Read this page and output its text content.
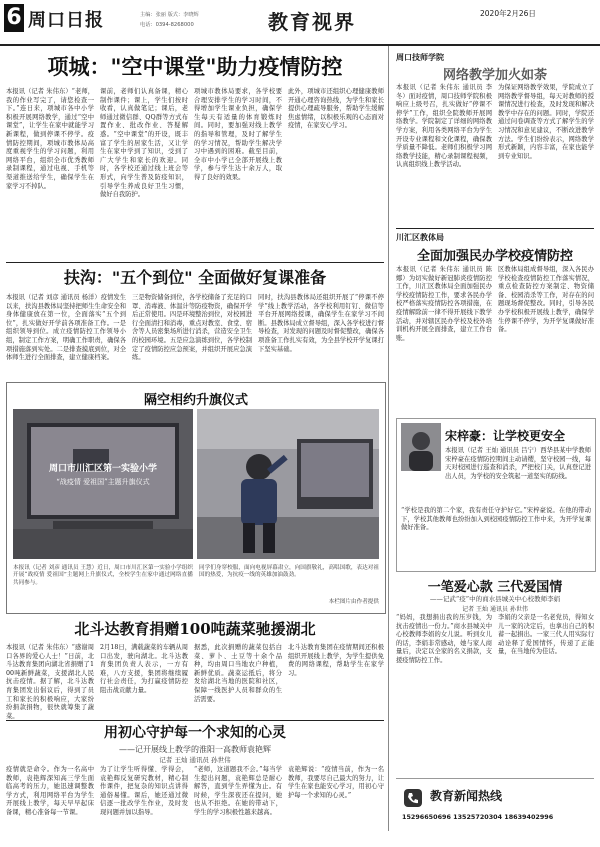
6 周口日报	主编：张丽 版式：李晓辉
电话：0394-8268000	教育视界	2020年2月26日
项城："空中课堂"助力疫情防控
本报讯（记者 朱伟东）“老师，我的作业写完了，请您检查一下。”连日来，项城市各中小学积极开展网络教学，通过“空中课堂”，让学生在家中就能学习新课程，做到停课不停学。疫情防控期间，项城市教体局高度重视学生的学习问题，利用网络平台，组织全市优秀教师录制课程，通过电视、手机等渠道推送给学生，确保学生在家学习不掉队。
课前，老师们认真备课，精心制作课件；课上，学生们按时收看，认真做笔记；课后，老师通过微信群、QQ群等方式布置作业、批改作业、答疑解惑。“空中课堂”的开设，既丰富了学生的居家生活，又让学生在家中学到了知识，受到了广大学生和家长的欢迎。同时，各学校还通过线上班会等形式，向学生普及防疫知识，引导学生养成良好卫生习惯，做好自我防护。
项城市教体局要求，各学校要合理安排学生的学习时间，不得增加学生课业负担，确保学生每天有适量的体育锻炼时间。同时，要加强对线上教学的指导和管理，及时了解学生的学习情况，帮助学生解决学习中遇到的困难。截至目前，全市中小学已全部开展线上教学，参与学生达十余万人，取得了良好的效果。
此外，项城市还组织心理健康教师开通心理咨询热线，为学生和家长提供心理疏导服务，帮助学生缓解焦虑情绪，以积极乐观的心态面对疫情，在家安心学习。
扶沟："五个到位" 全面做好复课准备
本报讯（记者 刘彦 通讯员 杨洋）疫情发生以来，扶沟县教体局坚持把师生生命安全和身体健康放在第一位，全面落实“五个到位”，扎实做好开学前各项准备工作。一是组织领导到位。成立疫情防控工作领导小组，制定工作方案，明确工作职责，确保各项措施落到实处。二是排查摸底到位，对全体师生进行全面排查，建立健康档案。
三是物资储备到位，各学校储备了充足的口罩、消毒液、体温计等防疫物资，确保开学后正常使用。四是环境整治到位，对校园进行全面清扫和消毒，重点对教室、食堂、宿舍等人员密集场所进行消杀，营造安全卫生的校园环境。五是应急演练到位，各学校制定了疫情防控应急预案，并组织开展应急演练。
同时，扶沟县教体局还组织开展了“停课不停学”线上教学活动，各学校利用钉钉、微信等平台开展网络授课，确保学生在家学习不间断。县教体局成立督导组，深入各学校进行督导检查，对发现的问题及时督促整改，确保各项准备工作扎实有效，为全县学校开学复课打下坚实基础。
隔空相约升旗仪式
周口市川汇区第一实验小学
“战疫情 爱祖国”主题升旗仪式
本报讯（记者 刘彦 通讯员 王慧）近日，周口市川汇区第一实验小学组织开展“战疫情 爱祖国”主题网上升旗仪式，全校学生在家中通过网络直播共同参与。
同学们身穿校服，面向电视屏幕肃立，向国旗敬礼，高唱国歌，表达对祖国的热爱，为抗疫一线的英雄加油鼓劲。
本栏图片由作者提供
北斗达教育捐赠100吨蔬菜驰援湖北
本报讯（记者 朱伟东）“感谢周口各界的爱心人士！”日前，北斗达教育集团向湖北省捐赠了100吨新鲜蔬菜，支援湖北人民抗击疫情。据了解，北斗达教育集团发出倡议后，得到了员工和家长的积极响应，大家纷纷捐款捐物，很快就筹集了蔬菜。
2月18日，满载蔬菜的车辆从周口出发，驶向湖北。北斗达教育集团负责人表示，一方有难，八方支援，集团将继续履行社会责任，为打赢疫情防控阻击战贡献力量。
据悉，此次捐赠的蔬菜包括白菜、萝卜、土豆等十余个品种，均由周口当地农户种植，新鲜优质。蔬菜运抵后，将分发给湖北当地的医院和社区，保障一线医护人员和群众的生活需要。
北斗达教育集团在疫情期间还积极组织开展线上教学，为学生提供免费的网络课程，帮助学生在家学习。
用初心守护每一个求知的心灵
——记开展线上教学的淮阳一高教师袁艳辉
记者 王灿 通讯员 孙世伟
疫情就是命令。作为一名高中教师，袁艳辉深知高三学生面临高考的压力，她迅速调整教学方式，利用网络平台为学生开展线上教学，每天早早起床备课，精心准备每一节课。
为了让学生听得懂、学得会，袁艳辉反复研究教材，精心制作课件，把复杂的知识点讲得通俗易懂。课后，她还通过微信逐一批改学生作业，及时发现问题并加以指导。
“老师，这道题我不会。”每当学生提出问题，袁艳辉总是耐心解答，直到学生弄懂为止。有时候，学生深夜还在提问，她也从不拒绝。在她的带动下，学生的学习积极性越来越高。
袁艳辉说：“疫情当前，作为一名教师，我要尽自己最大的努力，让学生在家也能安心学习，用初心守护每一个求知的心灵。”
周口技师学院
网络教学加火如荼
本报讯（记者 朱伟东 通讯员 李冬）面对疫情，周口技师学院积极响应上级号召，扎实做好“停课不停学”工作，组织全院教师开展网络教学。学院制定了详细的网络教学方案，利用各类网络平台为学生开设专业课程和文化课程，确保教学质量不降低。老师们积极学习网络教学技能，精心录制课程视频，认真组织线上教学活动。
为保证网络教学效果，学院成立了网络教学督导组，每天对教师的授课情况进行检查，及时发现和解决教学中存在的问题。同时，学院还通过问卷调查等方式了解学生的学习情况和意见建议，不断改进教学方法。学生们纷纷表示，网络教学形式新颖，内容丰富，在家也能学到专业知识。
川汇区教体局
全面加强民办学校疫情防控
本报讯（记者 朱伟东 通讯员 陈娜）为切实做好新冠肺炎疫情防控工作，川汇区教体局全面加强民办学校疫情防控工作，要求各民办学校严格落实疫情防控各项措施，在疫情解除前一律不得开展线下教学活动，并对辖区民办学校及校外培训机构开展全面排查，建立工作台账。
区教体局组成督导组，深入各民办学校检查疫情防控工作落实情况，重点检查防控方案制定、物资储备、校园消杀等工作，对存在的问题现场督促整改。同时，引导各民办学校积极开展线上教学，确保学生停课不停学，为开学复课做好准备。
宋梓豪：让学校更安全
本报讯（记者 王灿 通讯员 吕宁）西华县某中学教师宋梓豪在疫情防控期间主动请缨，坚守校园一线，每天对校园进行巡查和消杀，严把校门关，认真登记进出人员，为学校的安全筑起一道坚实的防线。
“学校是我的第二个家，我有责任守护好它。”宋梓豪说。在他的带动下，学校其他教师也纷纷加入到校园疫情防控工作中来，为开学复课做好准备。
一笔爱心款 三代爱国情
——记武“疫”中的商水县城关中心校教师李娟
记者 王灿 通讯员 孙世伟
“妈妈，我想捐出我的压岁钱，为抗击疫情出一份力。”商水县城关中心校教师李娟的女儿说。听到女儿的话，李娟非常感动，她与家人商量后，决定以全家的名义捐款，支援疫情防控工作。
李娟的父亲是一名老党员，得知女儿一家的决定后，也拿出自己的积蓄一起捐出。一家三代人用实际行动诠释了爱国情怀，传递了正能量，在当地传为佳话。
教育新闻热线
15296650696 13525720304 18639402996
